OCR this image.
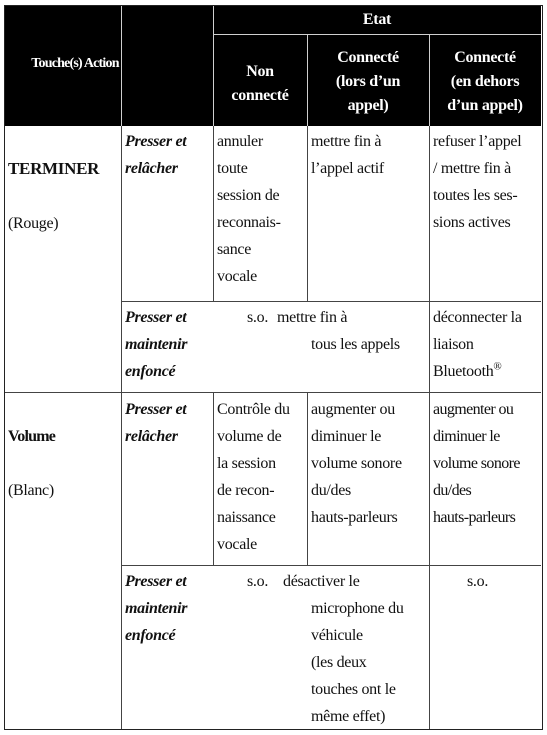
Etat
Touche(s) Action	Non
connecté
Connecté
(lors d’un
appel)
Connecté
(en dehors
d’un appel)

TERMINER

(Rouge)

Presser et
relâcher
annuler
toute
session de
reconnais-
sance
vocale
mettre fin à
l’appel actif
refuser l’appel
/ mettre fin à
toutes les ses-
sions actives
Presser et
maintenir
enfoncé
s.o. mettre fin à
tous les appels
déconnecter la
liaison
Bluetooth®

Volume

(Blanc)

Presser et
relâcher
Contrôle du
volume de
la session
de recon-
naissance
vocale
augmenter ou
diminuer le
volume sonore
du/des
hauts-parleurs
augmenter ou
diminuer le
volume sonore
du/des
hauts-parleurs
Presser et
maintenir
enfoncé
s.o. désactiver le
microphone du
véhicule
(les deux
touches ont le
même effet)
s.o.
